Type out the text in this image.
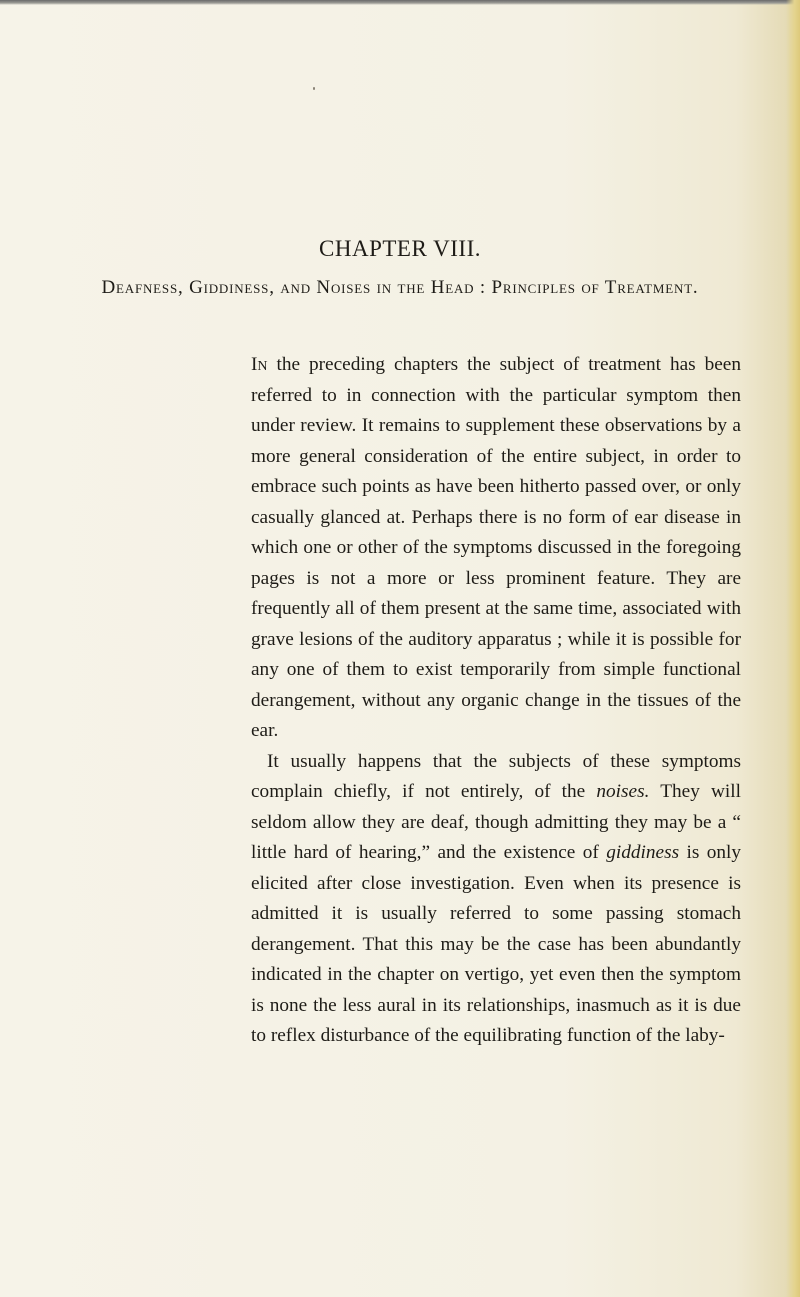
CHAPTER VIII.
Deafness, Giddiness, and Noises in the Head : Principles of Treatment.

In the preceding chapters the subject of treatment has been referred to in connection with the particular symptom then under review. It remains to supplement these observations by a more general consideration of the entire subject, in order to embrace such points as have been hitherto passed over, or only casually glanced at. Perhaps there is no form of ear disease in which one or other of the symptoms discussed in the foregoing pages is not a more or less prominent feature. They are frequently all of them present at the same time, associated with grave lesions of the auditory apparatus ; while it is possible for any one of them to exist temporarily from simple functional derangement, without any organic change in the tissues of the ear.

It usually happens that the subjects of these symptoms complain chiefly, if not entirely, of the noises. They will seldom allow they are deaf, though admitting they may be a “ little hard of hearing,” and the existence of giddiness is only elicited after close investigation. Even when its presence is admitted it is usually referred to some passing stomach derangement. That this may be the case has been abundantly indicated in the chapter on vertigo, yet even then the symptom is none the less aural in its relationships, inasmuch as it is due to reflex disturbance of the equilibrating function of the laby-
